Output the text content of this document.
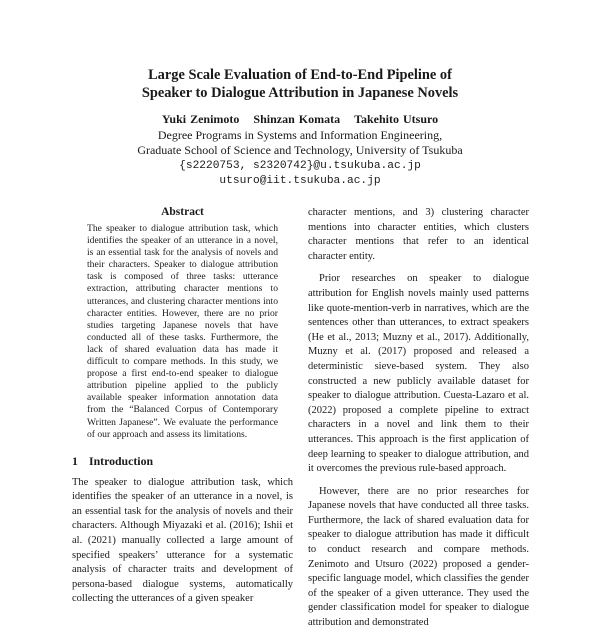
Large Scale Evaluation of End-to-End Pipeline of
Speaker to Dialogue Attribution in Japanese Novels
Yuki Zenimoto Shinzan Komata Takehito Utsuro
Degree Programs in Systems and Information Engineering,
Graduate School of Science and Technology, University of Tsukuba
{s2220753, s2320742}@u.tsukuba.ac.jp
utsuro@iit.tsukuba.ac.jp
Abstract
The speaker to dialogue attribution task, which identifies the speaker of an utterance in a novel, is an essential task for the analysis of novels and their characters. Speaker to dialogue attribution task is composed of three tasks: utterance extraction, attributing character mentions to utterances, and clustering character mentions into character entities. However, there are no prior studies targeting Japanese novels that have conducted all of these tasks. Furthermore, the lack of shared evaluation data has made it difficult to compare methods. In this study, we propose a first end-to-end speaker to dialogue attribution pipeline applied to the publicly available speaker information annotation data from the “Balanced Corpus of Contemporary Written Japanese”. We evaluate the performance of our approach and assess its limitations.
1 Introduction

The speaker to dialogue attribution task, which identifies the speaker of an utterance in a novel, is an essential task for the analysis of novels and their characters. Although Miyazaki et al. (2016); Ishii et al. (2021) manually collected a large amount of specified speakers’ utterance for a systematic analysis of character traits and development of persona-based dialogue systems, automatically collecting the utterances of a given speaker

character mentions, and 3) clustering character mentions into character entities, which clusters character mentions that refer to an identical character entity.

Prior researches on speaker to dialogue attribution for English novels mainly used patterns like quote-mention-verb in narratives, which are the sentences other than utterances, to extract speakers (He et al., 2013; Muzny et al., 2017). Additionally, Muzny et al. (2017) proposed and released a deterministic sieve-based system. They also constructed a new publicly available dataset for speaker to dialogue attribution. Cuesta-Lazaro et al. (2022) proposed a complete pipeline to extract characters in a novel and link them to their utterances. This approach is the first application of deep learning to speaker to dialogue attribution, and it overcomes the previous rule-based approach.

However, there are no prior researches for Japanese novels that have conducted all three tasks. Furthermore, the lack of shared evaluation data for speaker to dialogue attribution has made it difficult to conduct research and compare methods. Zenimoto and Utsuro (2022) proposed a gender-specific language model, which classifies the gender of the speaker of a given utterance. They used the gender classification model for speaker to dialogue attribution and demonstrated
